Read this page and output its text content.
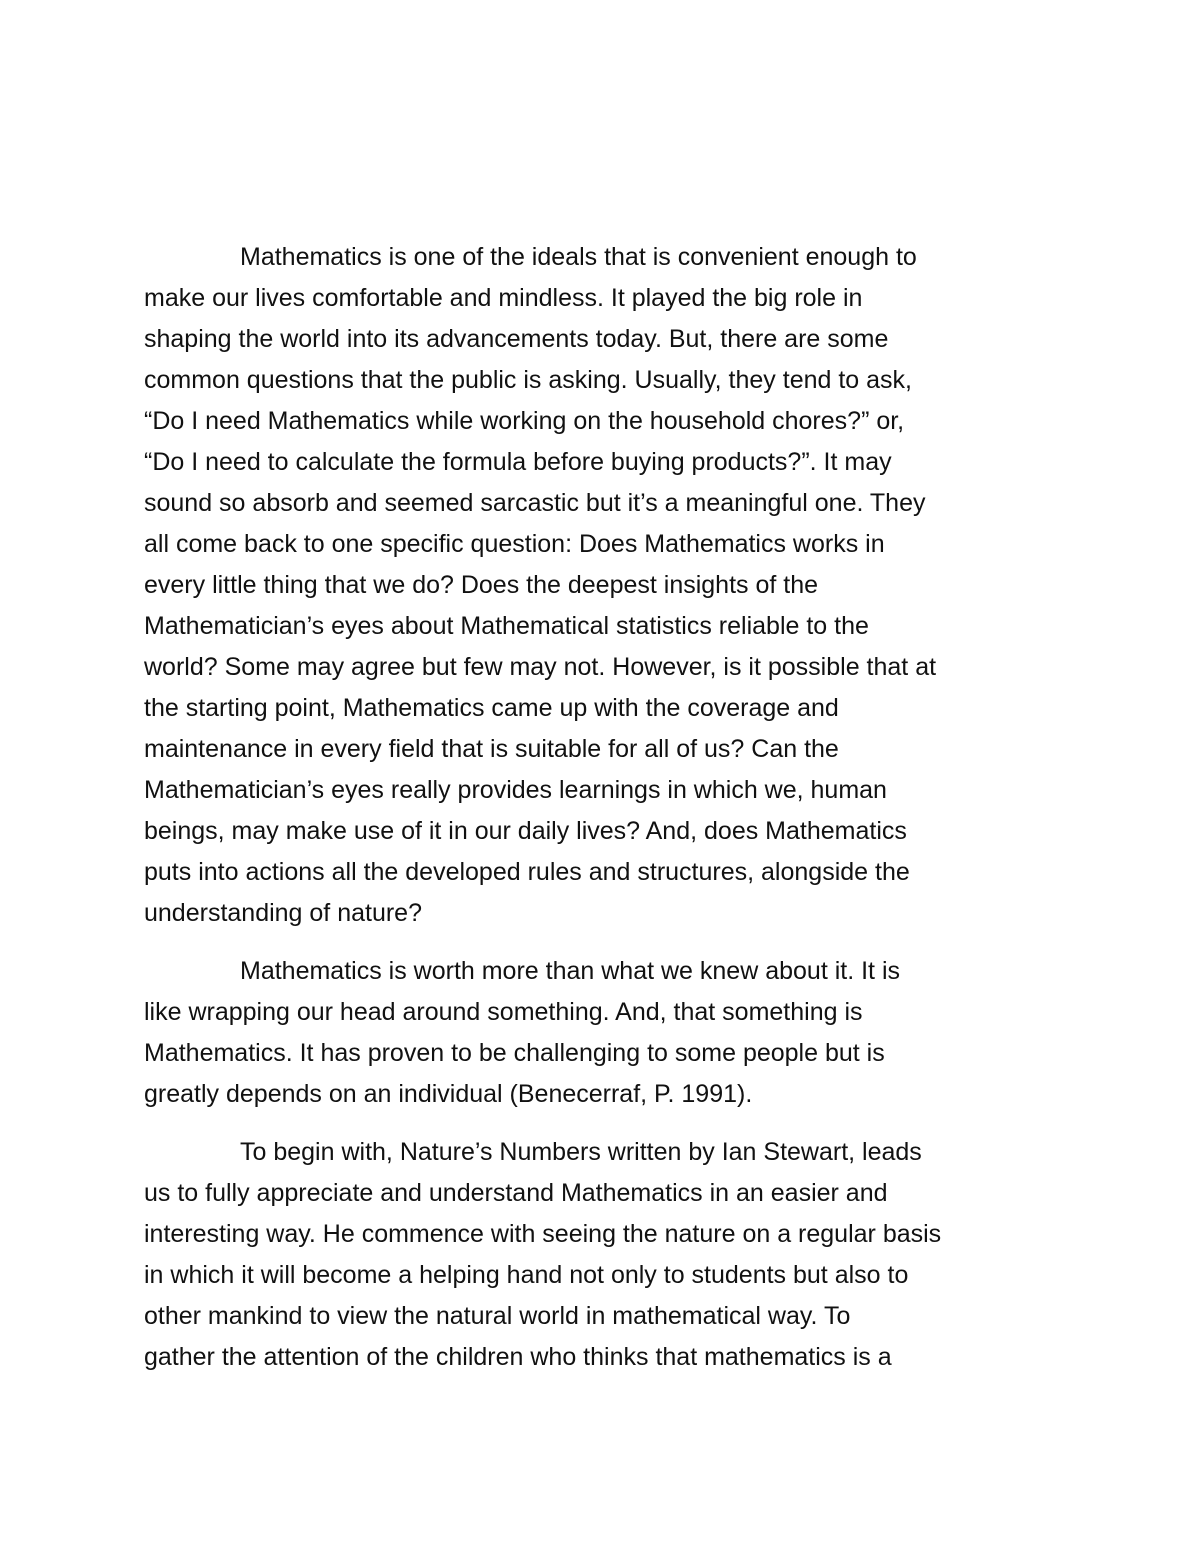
Mathematics is one of the ideals that is convenient enough to
make our lives comfortable and mindless. It played the big role in
shaping the world into its advancements today. But, there are some
common questions that the public is asking. Usually, they tend to ask,
“Do I need Mathematics while working on the household chores?” or,
“Do I need to calculate the formula before buying products?”. It may
sound so absorb and seemed sarcastic but it’s a meaningful one. They
all come back to one specific question: Does Mathematics works in
every little thing that we do? Does the deepest insights of the
Mathematician’s eyes about Mathematical statistics reliable to the
world? Some may agree but few may not. However, is it possible that at
the starting point, Mathematics came up with the coverage and
maintenance in every field that is suitable for all of us? Can the
Mathematician’s eyes really provides learnings in which we, human
beings, may make use of it in our daily lives? And, does Mathematics
puts into actions all the developed rules and structures, alongside the
understanding of nature?

Mathematics is worth more than what we knew about it. It is
like wrapping our head around something. And, that something is
Mathematics. It has proven to be challenging to some people but is
greatly depends on an individual (Benecerraf, P. 1991).

To begin with, Nature’s Numbers written by Ian Stewart, leads
us to fully appreciate and understand Mathematics in an easier and
interesting way. He commence with seeing the nature on a regular basis
in which it will become a helping hand not only to students but also to
other mankind to view the natural world in mathematical way. To
gather the attention of the children who thinks that mathematics is a
